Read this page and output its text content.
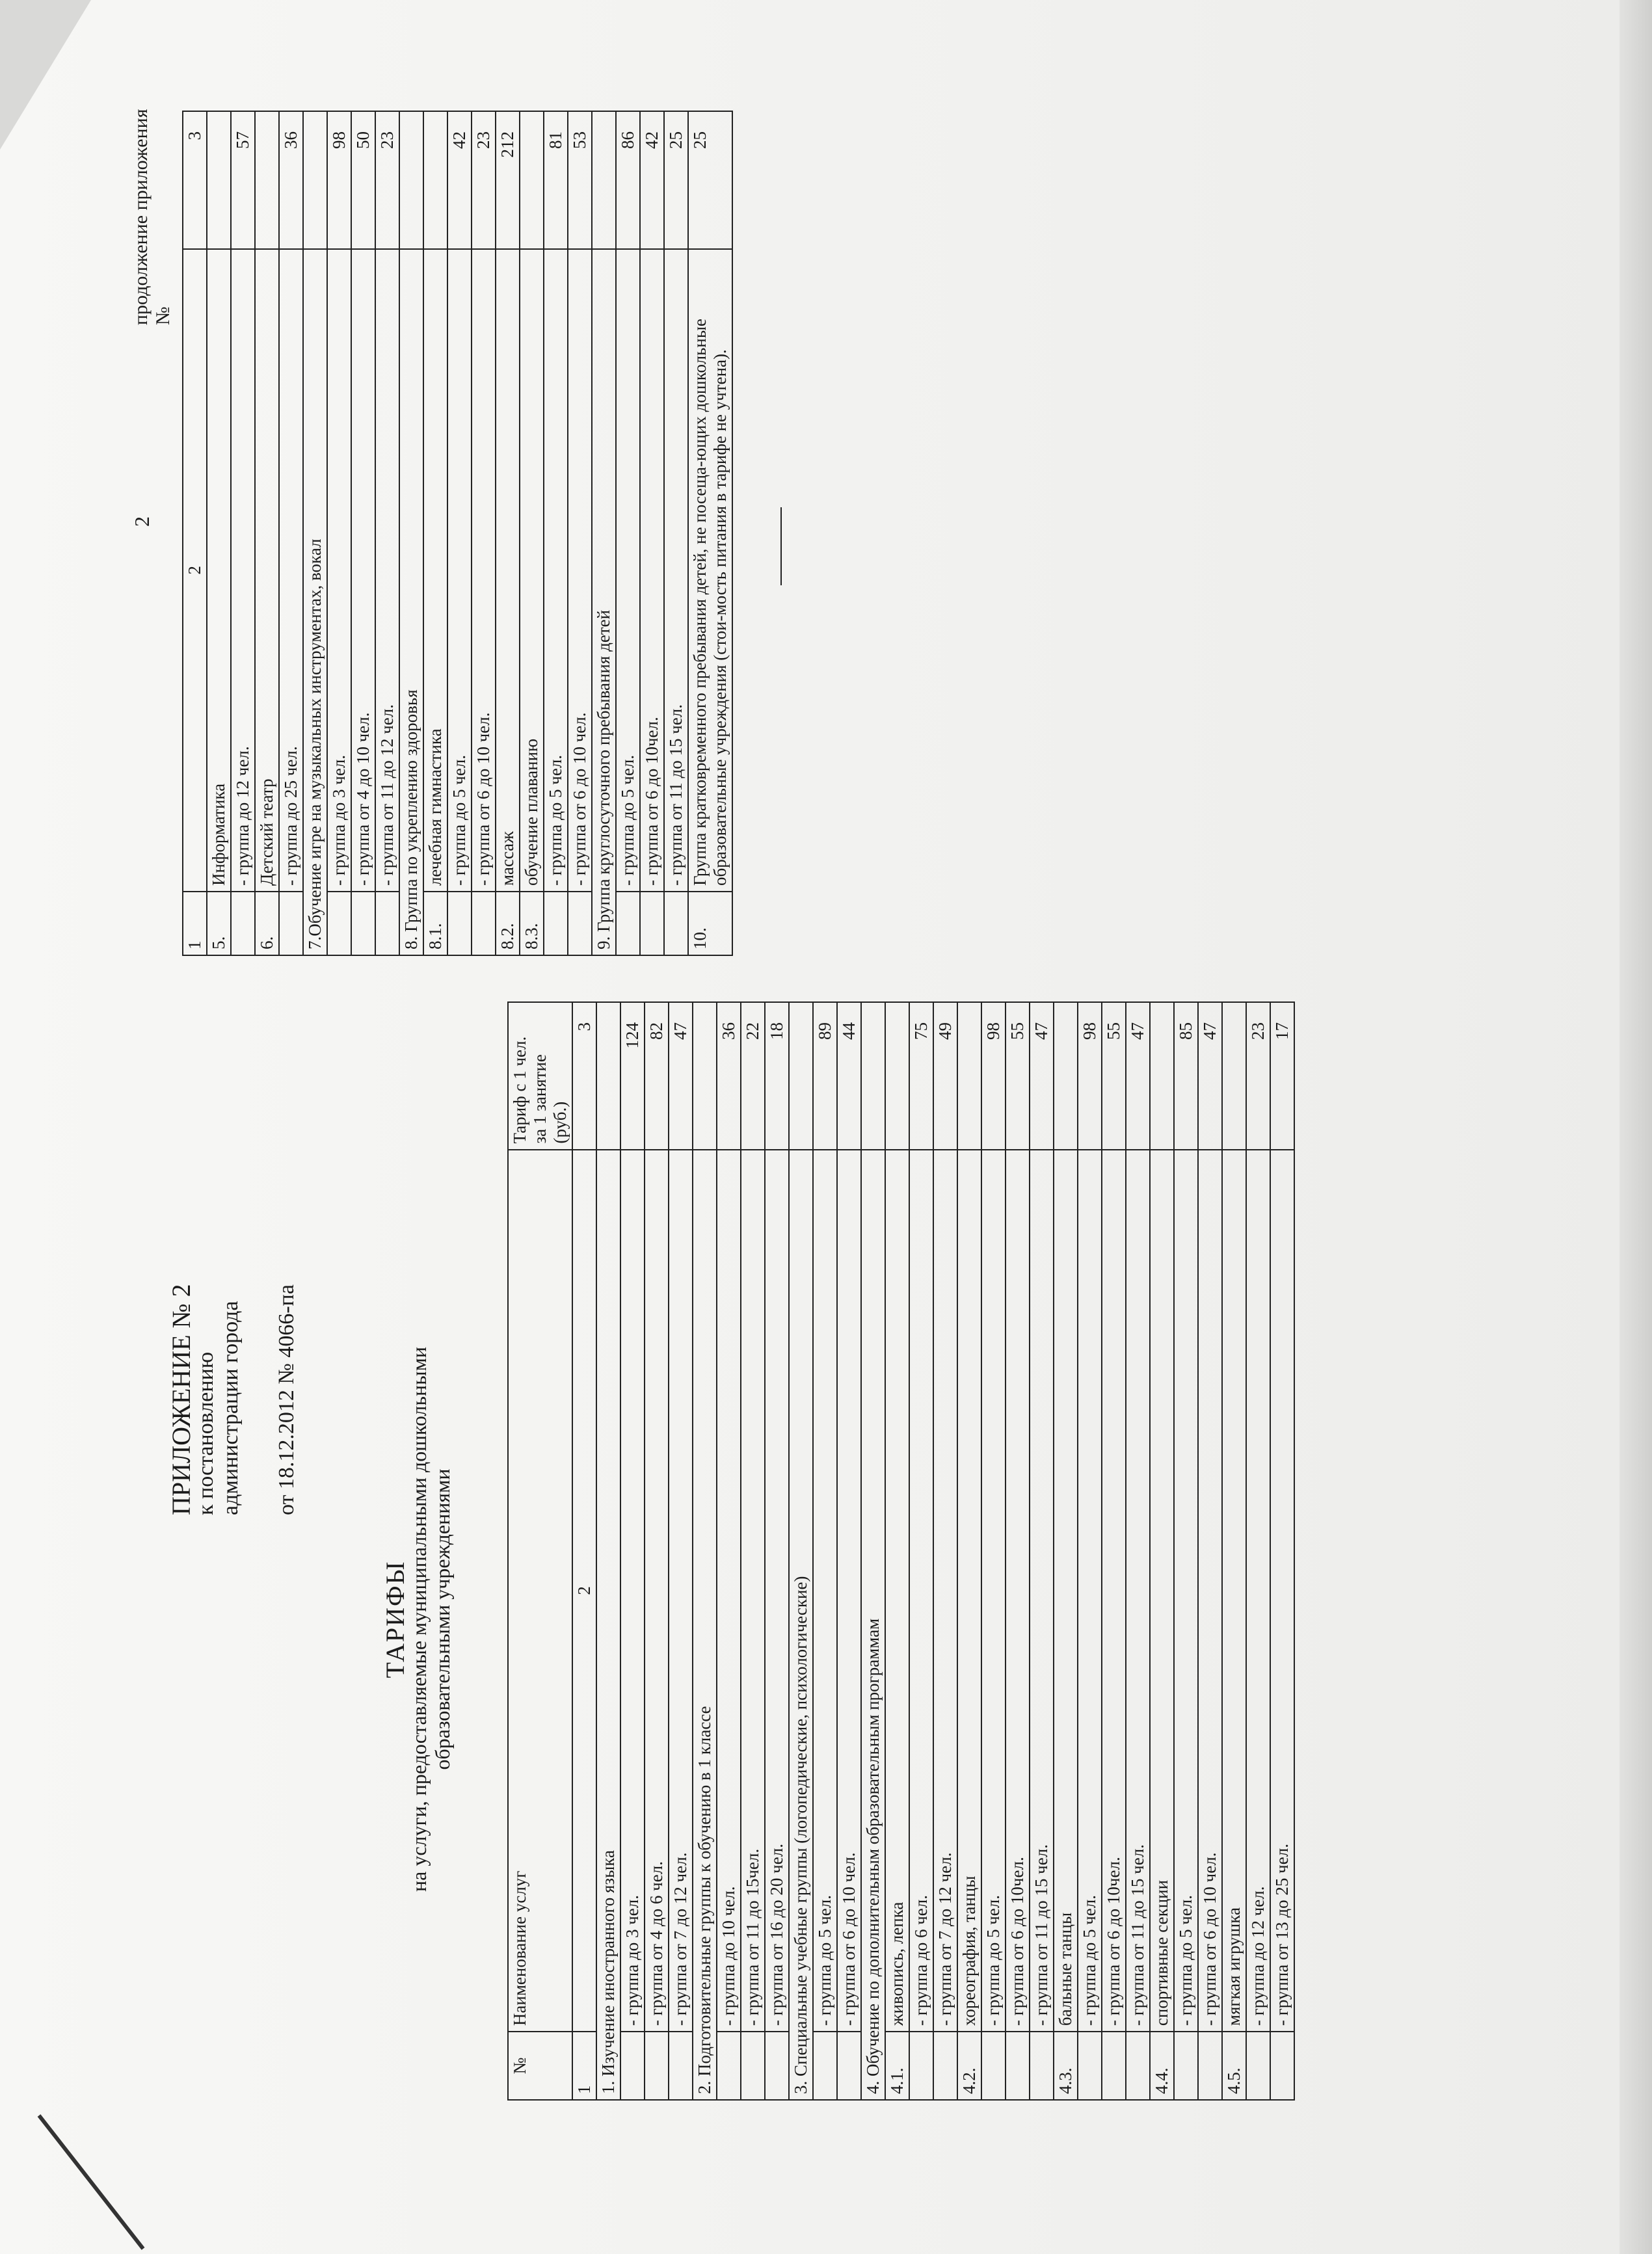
ПРИЛОЖЕНИЕ № 2
к постановлению администрации города от 18.12.2012 № 4066-па
ТАРИФЫ
на услуги, предоставляемые муниципальными дошкольными образовательными учреждениями
№	Наименование услуг	Тариф с 1 чел. за 1 занятие (руб.)
1	2	3
1. Изучение иностранного языка		
	- группа до 3 чел.	124
	- группа от 4 до 6 чел.	82
	- группа от 7 до 12 чел.	47
2. Подготовительные группы к обучению в 1 классе		
	- группа до 10 чел.	36
	- группа от 11 до 15чел.	22
	- группа от 16 до 20 чел.	18
3. Специальные учебные группы (логопедические, психологические)		
	- группа до 5 чел.	89
	- группа от 6 до 10 чел.	44
4. Обучение по дополнительным образовательным программам		
4.1.	живопись, лепка	
	- группа до 6 чел.	75
	- группа от 7 до 12 чел.	49
4.2.	хореография, танцы	
	- группа до 5 чел.	98
	- группа от 6 до 10чел.	55
	- группа от 11 до 15 чел.	47
4.3.	бальные танцы	
	- группа до 5 чел.	98
	- группа от 6 до 10чел.	55
	- группа от 11 до 15 чел.	47
4.4.	спортивные секции	
	- группа до 5 чел.	85
	- группа от 6 до 10 чел.	47
4.5.	мягкая игрушка	
	- группа до 12 чел.	23
	- группа от 13 до 25 чел.	17
2
продолжение приложения №
1	2	3
5.	Информатика	
	- группа до 12 чел.	57
6.	Детский театр	
	- группа до 25 чел.	36
7.Обучение игре на музыкальных инструментах, вокал		
	- группа до 3 чел.	98
	- группа от 4 до 10 чел.	50
	- группа от 11 до 12 чел.	23
8. Группа по укреплению здоровья		
8.1.	лечебная гимнастика	
	- группа до 5 чел.	42
	- группа от 6 до 10 чел.	23
8.2.	массаж	212
8.3.	обучение плаванию	
	- группа до 5 чел.	81
	- группа от 6 до 10 чел.	53
9. Группа круглосуточного пребывания детей		
	- группа до 5 чел.	86
	- группа от 6 до 10чел.	42
	- группа от 11 до 15 чел.	25
10.	Группа кратковременного пребывания детей, не посеща-ющих дошкольные образовательные учреждения (стои-мость питания в тарифе не учтена).	25
